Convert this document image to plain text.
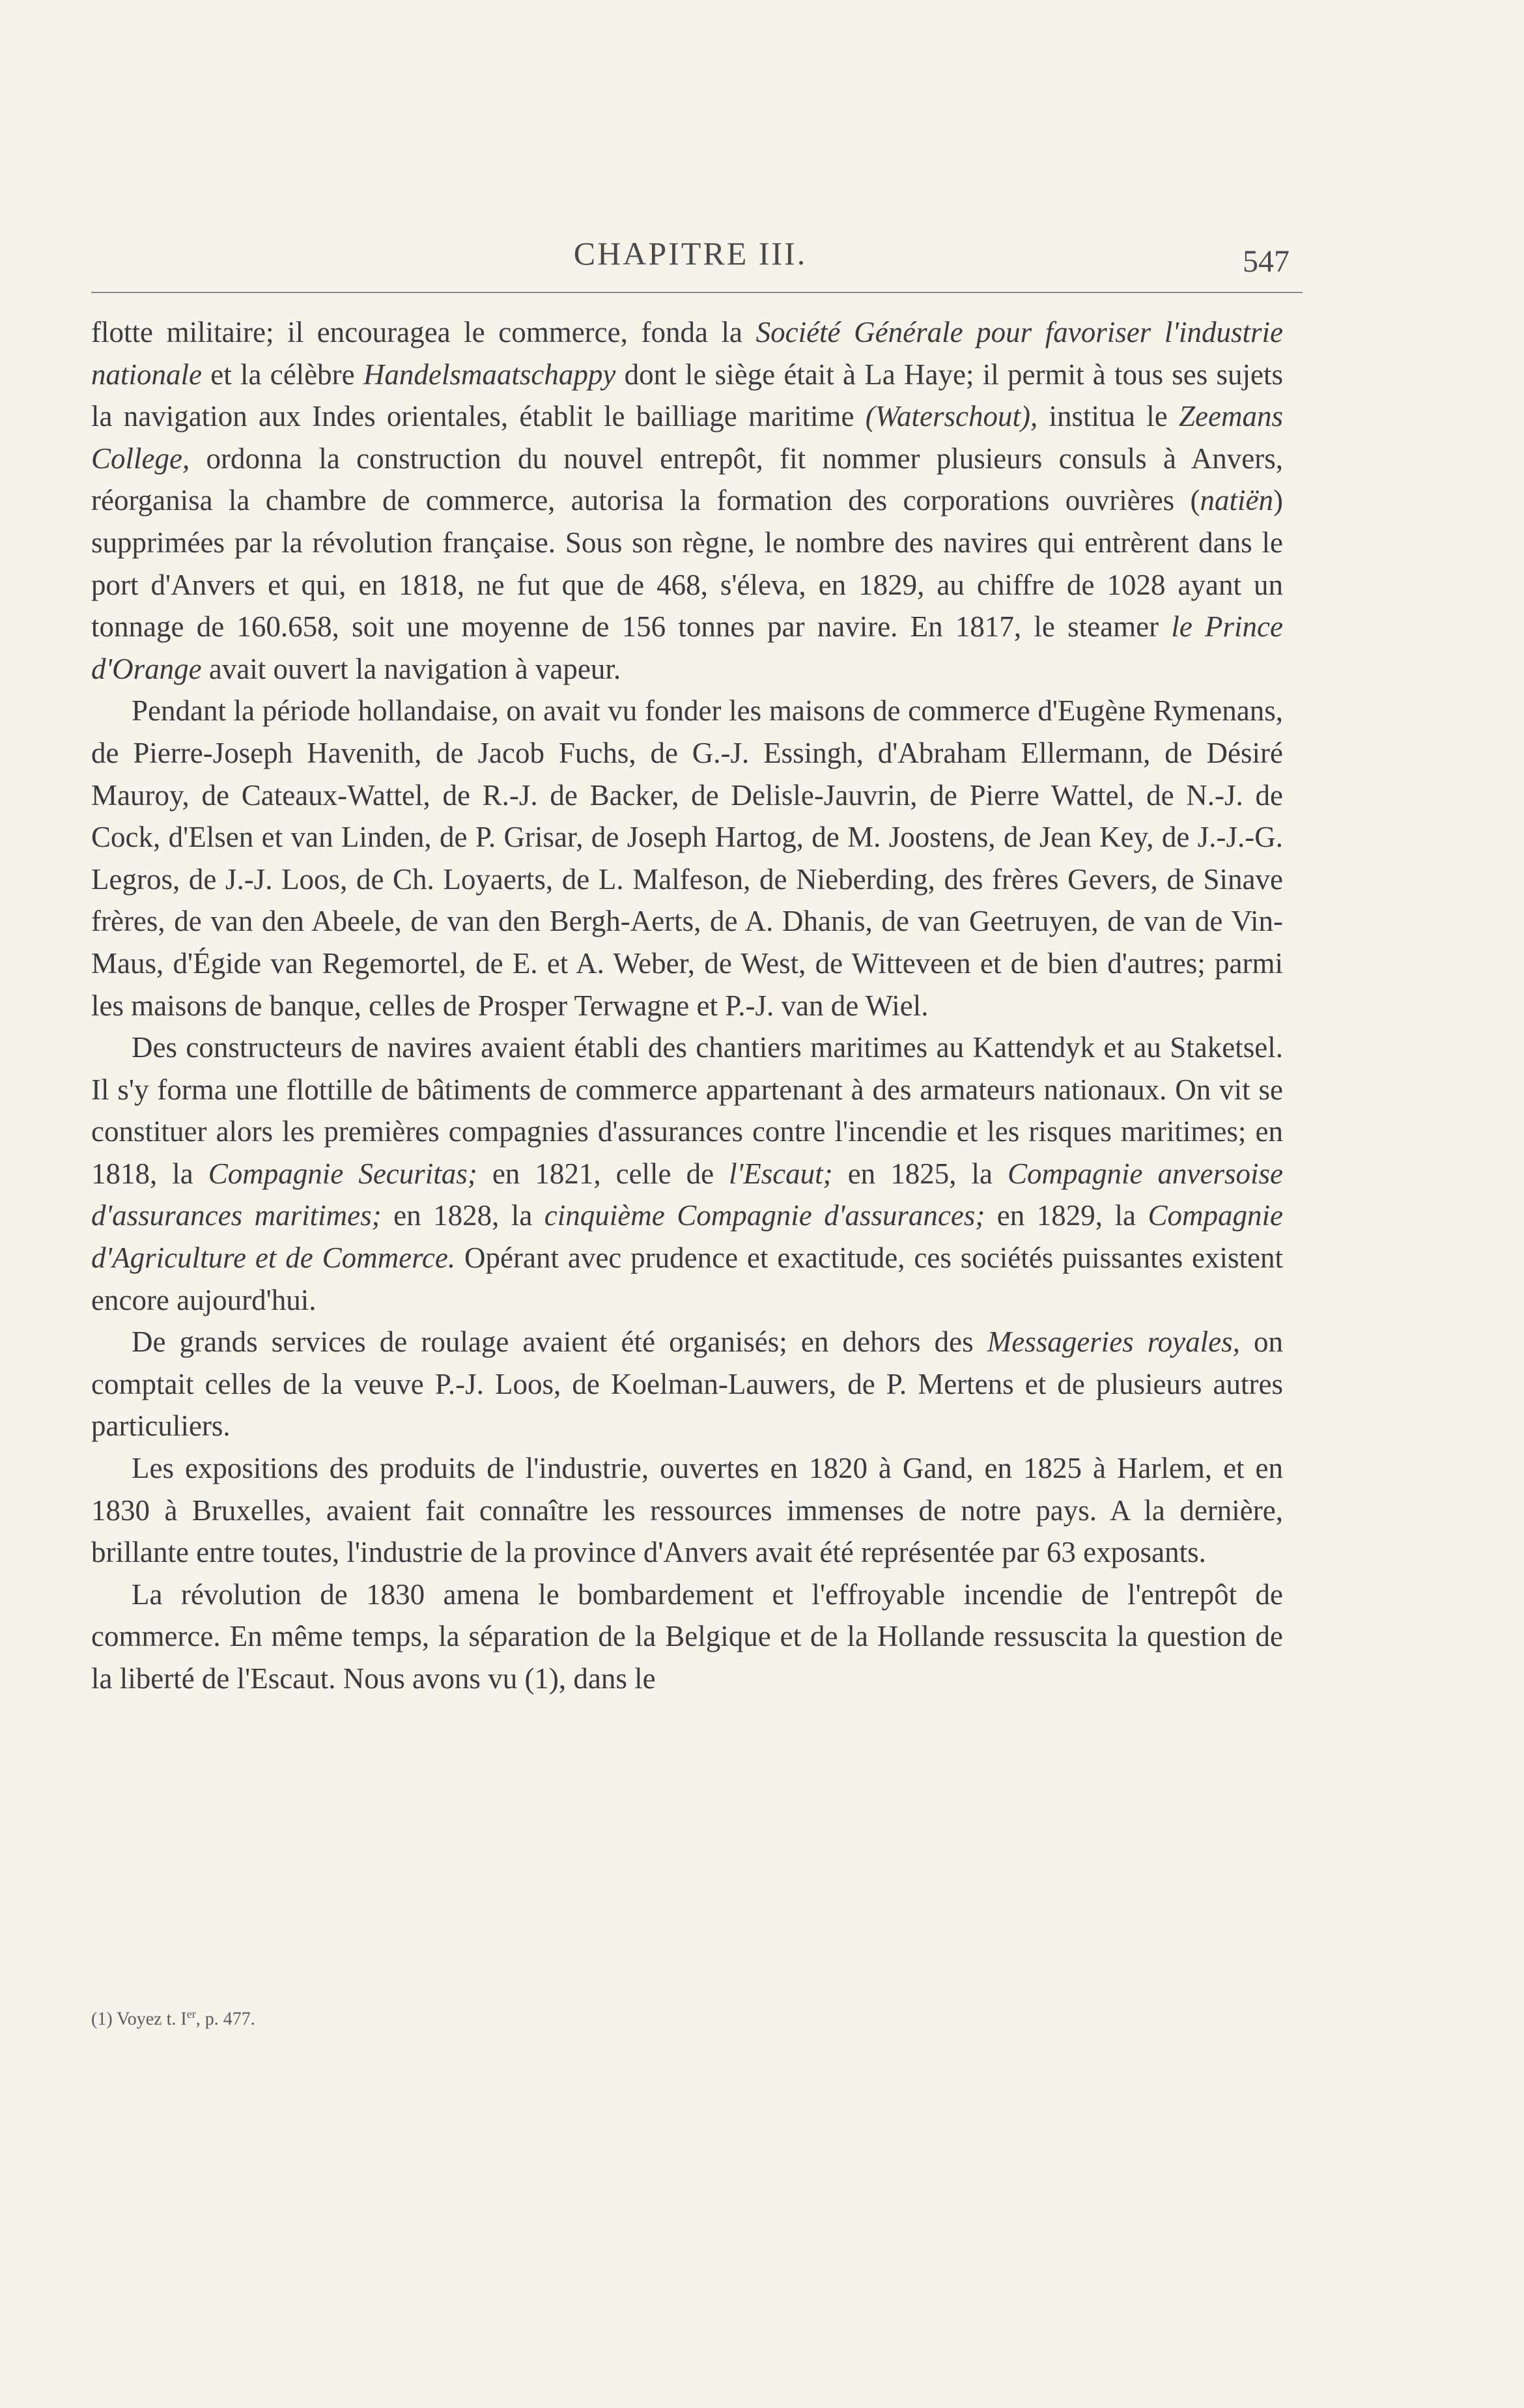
CHAPITRE III.	547

flotte militaire; il encouragea le commerce, fonda la Société Générale pour favoriser l'industrie nationale et la célèbre Handelsmaatschappy dont le siège était à La Haye; il permit à tous ses sujets la navigation aux Indes orientales, établit le bailliage maritime (Waterschout), institua le Zeemans College, ordonna la construction du nouvel entrepôt, fit nommer plusieurs consuls à Anvers, réorganisa la chambre de commerce, autorisa la formation des corporations ouvrières (natiën) supprimées par la révolution française. Sous son règne, le nombre des navires qui entrèrent dans le port d'Anvers et qui, en 1818, ne fut que de 468, s'éleva, en 1829, au chiffre de 1028 ayant un tonnage de 160.658, soit une moyenne de 156 tonnes par navire. En 1817, le steamer le Prince d'Orange avait ouvert la navigation à vapeur.

Pendant la période hollandaise, on avait vu fonder les maisons de commerce d'Eugène Rymenans, de Pierre-Joseph Havenith, de Jacob Fuchs, de G.-J. Essingh, d'Abraham Ellermann, de Désiré Mauroy, de Cateaux-Wattel, de R.-J. de Backer, de Delisle-Jauvrin, de Pierre Wattel, de N.-J. de Cock, d'Elsen et van Linden, de P. Grisar, de Joseph Hartog, de M. Joostens, de Jean Key, de J.-J.-G. Legros, de J.-J. Loos, de Ch. Loyaerts, de L. Malfeson, de Nieberding, des frères Gevers, de Sinave frères, de van den Abeele, de van den Bergh-Aerts, de A. Dhanis, de van Geetruyen, de van de Vin-Maus, d'Égide van Regemortel, de E. et A. Weber, de West, de Witteveen et de bien d'autres; parmi les maisons de banque, celles de Prosper Terwagne et P.-J. van de Wiel.

Des constructeurs de navires avaient établi des chantiers maritimes au Kattendyk et au Staketsel. Il s'y forma une flottille de bâtiments de commerce appartenant à des armateurs nationaux. On vit se constituer alors les premières compagnies d'assurances contre l'incendie et les risques maritimes; en 1818, la Compagnie Securitas; en 1821, celle de l'Escaut; en 1825, la Compagnie anversoise d'assurances maritimes; en 1828, la cinquième Compagnie d'assurances; en 1829, la Compagnie d'Agriculture et de Commerce. Opérant avec prudence et exactitude, ces sociétés puissantes existent encore aujourd'hui.

De grands services de roulage avaient été organisés; en dehors des Messageries royales, on comptait celles de la veuve P.-J. Loos, de Koelman-Lauwers, de P. Mertens et de plusieurs autres particuliers.

Les expositions des produits de l'industrie, ouvertes en 1820 à Gand, en 1825 à Harlem, et en 1830 à Bruxelles, avaient fait connaître les ressources immenses de notre pays. A la dernière, brillante entre toutes, l'industrie de la province d'Anvers avait été représentée par 63 exposants.

La révolution de 1830 amena le bombardement et l'effroyable incendie de l'entrepôt de commerce. En même temps, la séparation de la Belgique et de la Hollande ressuscita la question de la liberté de l'Escaut. Nous avons vu (1), dans le

(1) Voyez t. Ier, p. 477.
